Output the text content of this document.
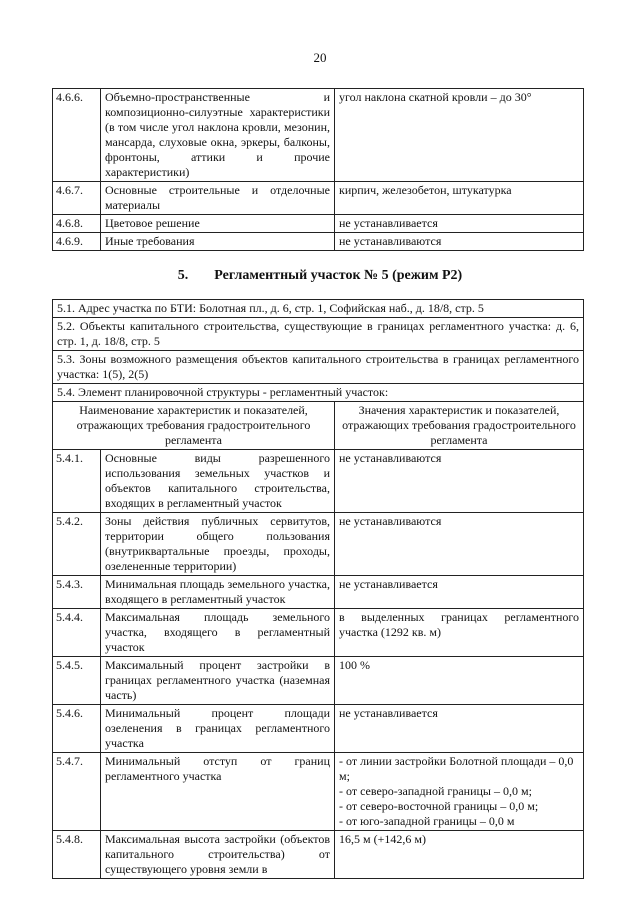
20
4.6.6.	Объемно-пространственные и композиционно-силуэтные характеристики (в том числе угол наклона кровли, мезонин, мансарда, слуховые окна, эркеры, балконы, фронтоны, аттики и прочие характеристики)	угол наклона скатной кровли – до 30°
4.6.7.	Основные строительные и отделочные материалы	кирпич, железобетон, штукатурка
4.6.8.	Цветовое решение	не устанавливается
4.6.9.	Иные требования	не устанавливаются
5. Регламентный участок № 5 (режим Р2)
5.1. Адрес участка по БТИ: Болотная пл., д. 6, стр. 1, Софийская наб., д. 18/8, стр. 5		
5.2. Объекты капитального строительства, существующие в границах регламентного участка: д. 6, стр. 1, д. 18/8, стр. 5		
5.3. Зоны возможного размещения объектов капитального строительства в границах регламентного участка: 1(5), 2(5)		
5.4. Элемент планировочной структуры - регламентный участок:		
Наименование характеристик и показателей, отражающих требования градостроительного регламента		Значения характеристик и показателей, отражающих требования градостроительного регламента
5.4.1.	Основные виды разрешенного использования земельных участков и объектов капитального строительства, входящих в регламентный участок	не устанавливаются
5.4.2.	Зоны действия публичных сервитутов, территории общего пользования (внутриквартальные проезды, проходы, озелененные территории)	не устанавливаются
5.4.3.	Минимальная площадь земельного участка, входящего в регламентный участок	не устанавливается
5.4.4.	Максимальная площадь земельного участка, входящего в регламентный участок	в выделенных границах регламентного участка (1292 кв. м)
5.4.5.	Максимальный процент застройки в границах регламентного участка (наземная часть)	100 %
5.4.6.	Минимальный процент площади озеленения в границах регламентного участка	не устанавливается
5.4.7.	Минимальный отступ от границ регламентного участка	- от линии застройки Болотной площади – 0,0 м;
- от северо-западной границы – 0,0 м;
- от северо-восточной границы – 0,0 м;
- от юго-западной границы – 0,0 м

5.4.8.	Максимальная высота застройки (объектов капитального строительства) от существующего уровня земли в	16,5 м (+142,6 м)
